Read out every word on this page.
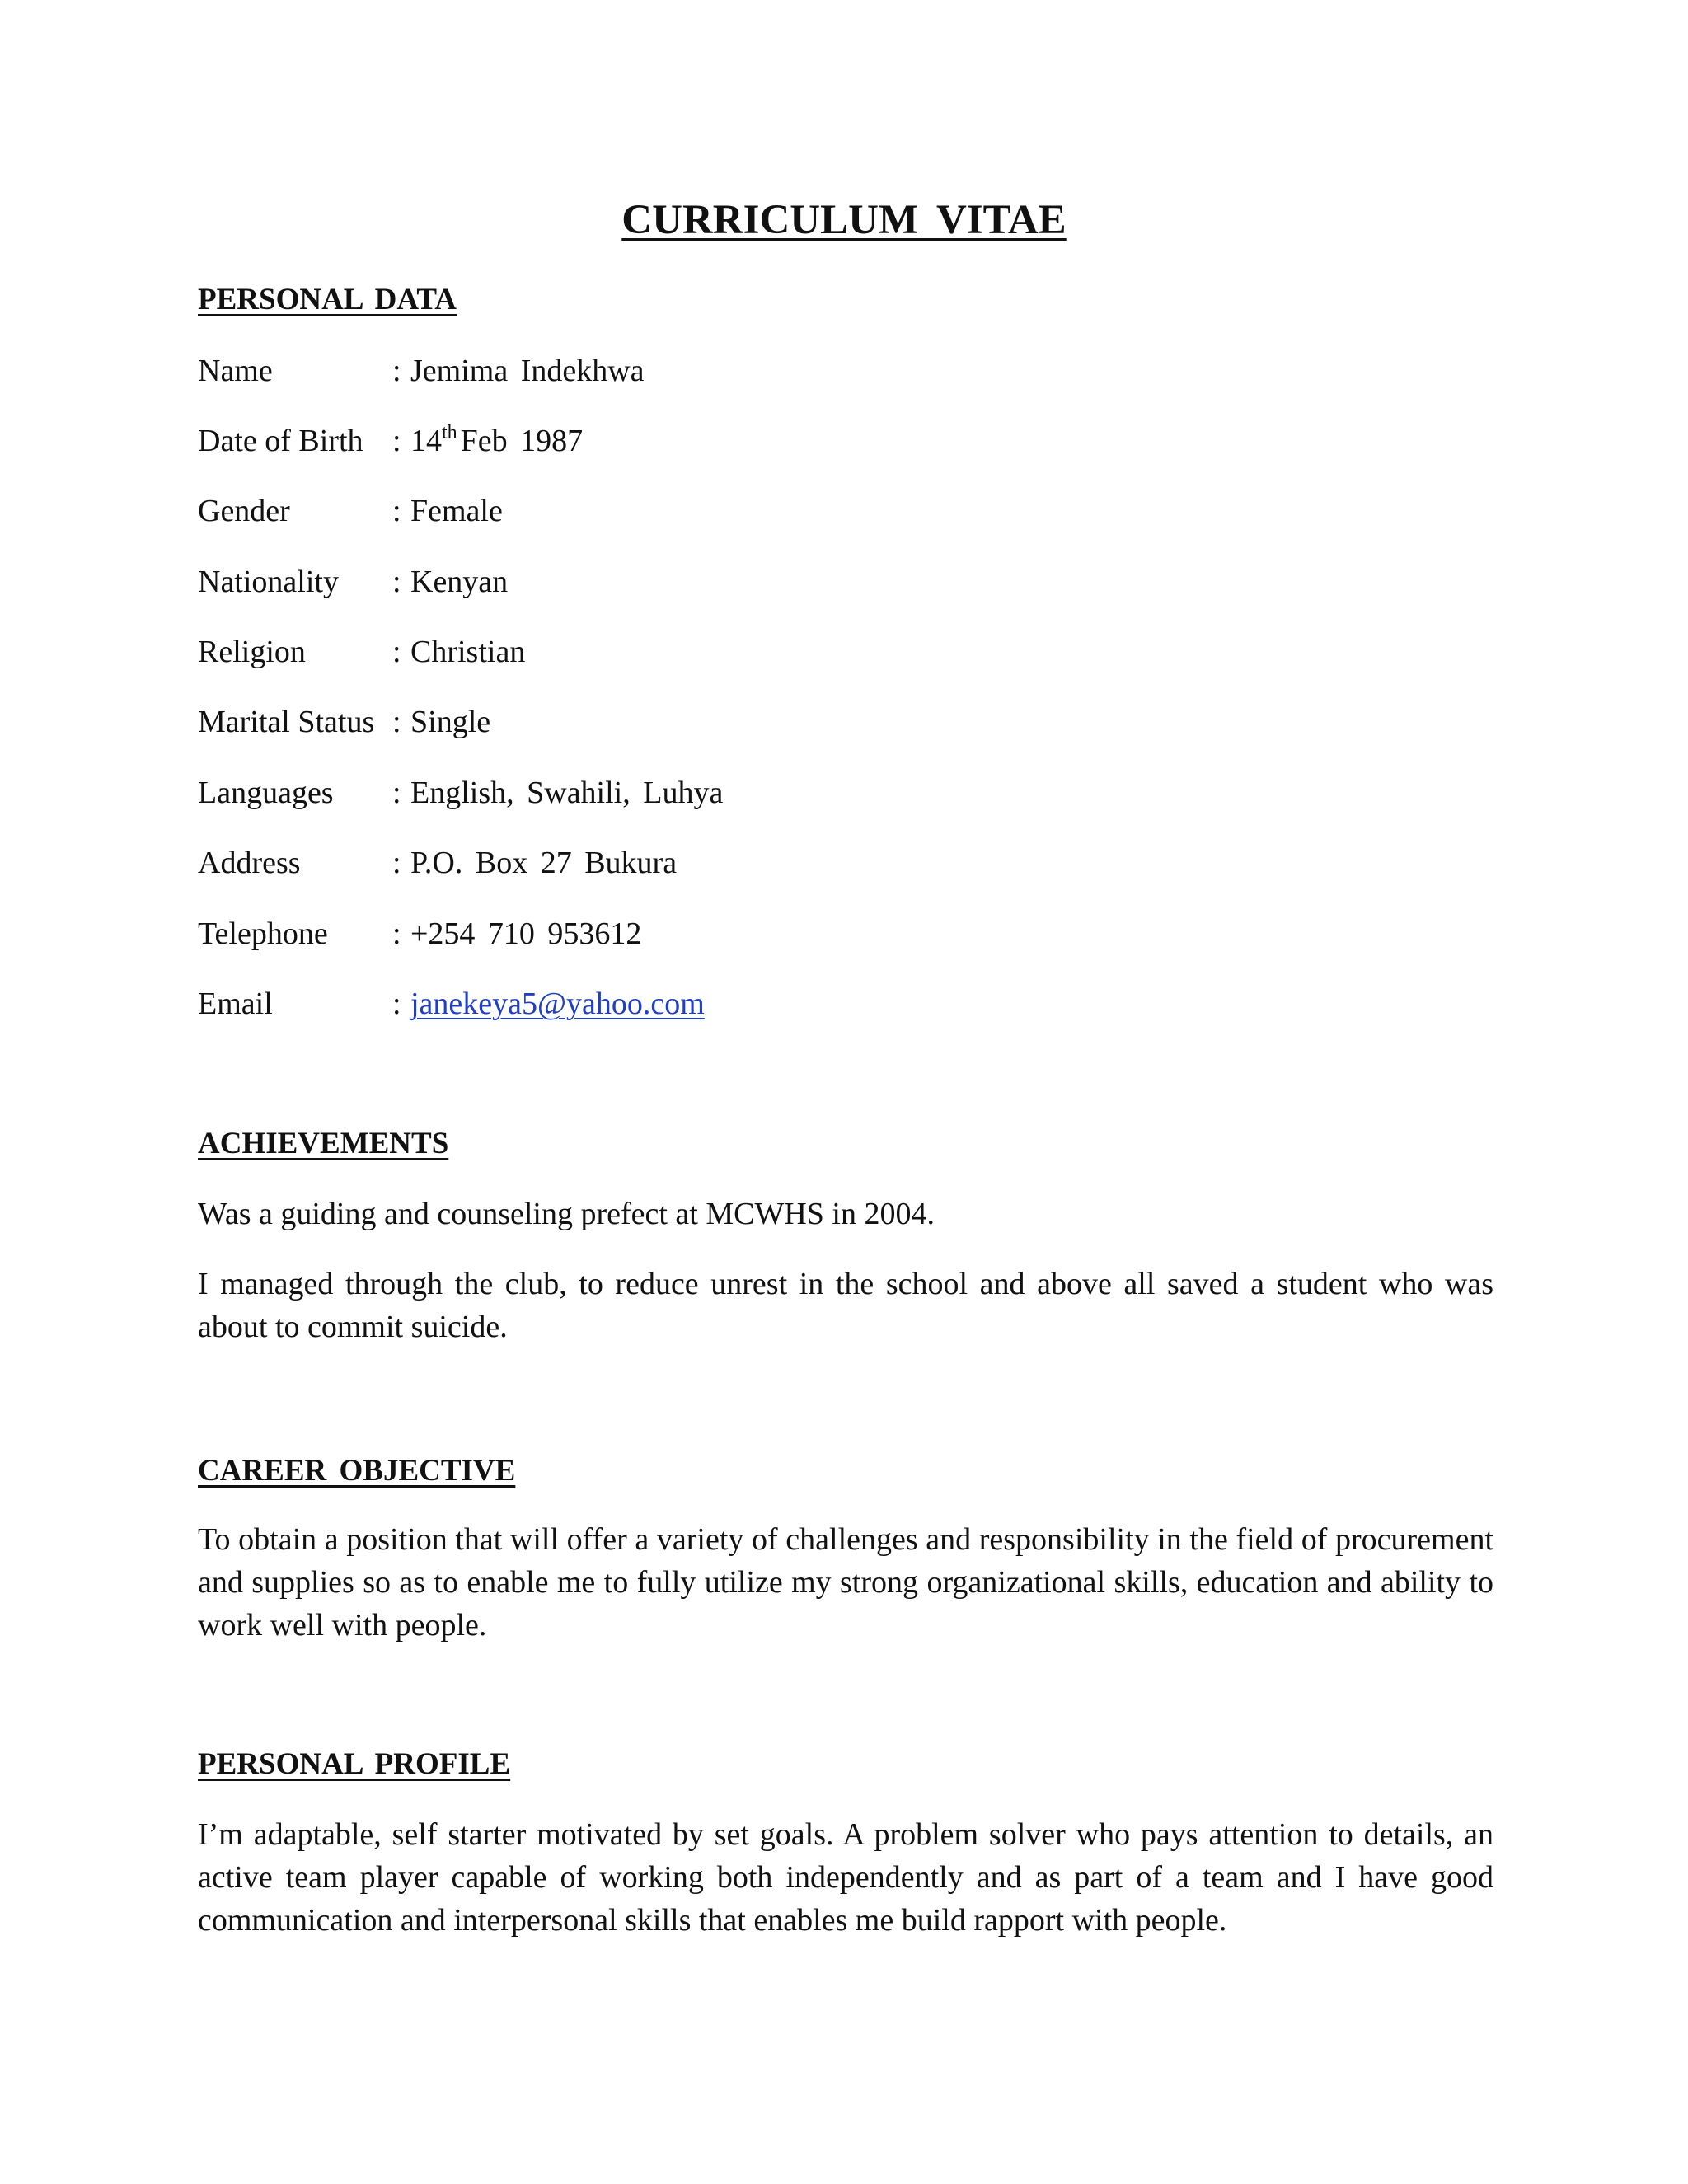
CURRICULUM VITAE
PERSONAL DATA
Name	: Jemima Indekhwa
Date of Birth : 14th Feb 1987
Gender	: Female
Nationality	: Kenyan
Religion	: Christian
Marital Status : Single
Languages	: English, Swahili, Luhya
Address	: P.O. Box 27 Bukura
Telephone	: +254 710 953612
Email	: janekeya5@yahoo.com
ACHIEVEMENTS

Was a guiding and counseling prefect at MCWHS in 2004.

I managed through the club, to reduce unrest in the school and above all saved a student who was about to commit suicide.

CAREER OBJECTIVE

To obtain a position that will offer a variety of challenges and responsibility in the field of procurement and supplies so as to enable me to fully utilize my strong organizational skills, education and ability to work well with people.

PERSONAL PROFILE

I’m adaptable, self starter motivated by set goals. A problem solver who pays attention to details, an active team player capable of working both independently and as part of a team and I have good communication and interpersonal skills that enables me build rapport with people.
